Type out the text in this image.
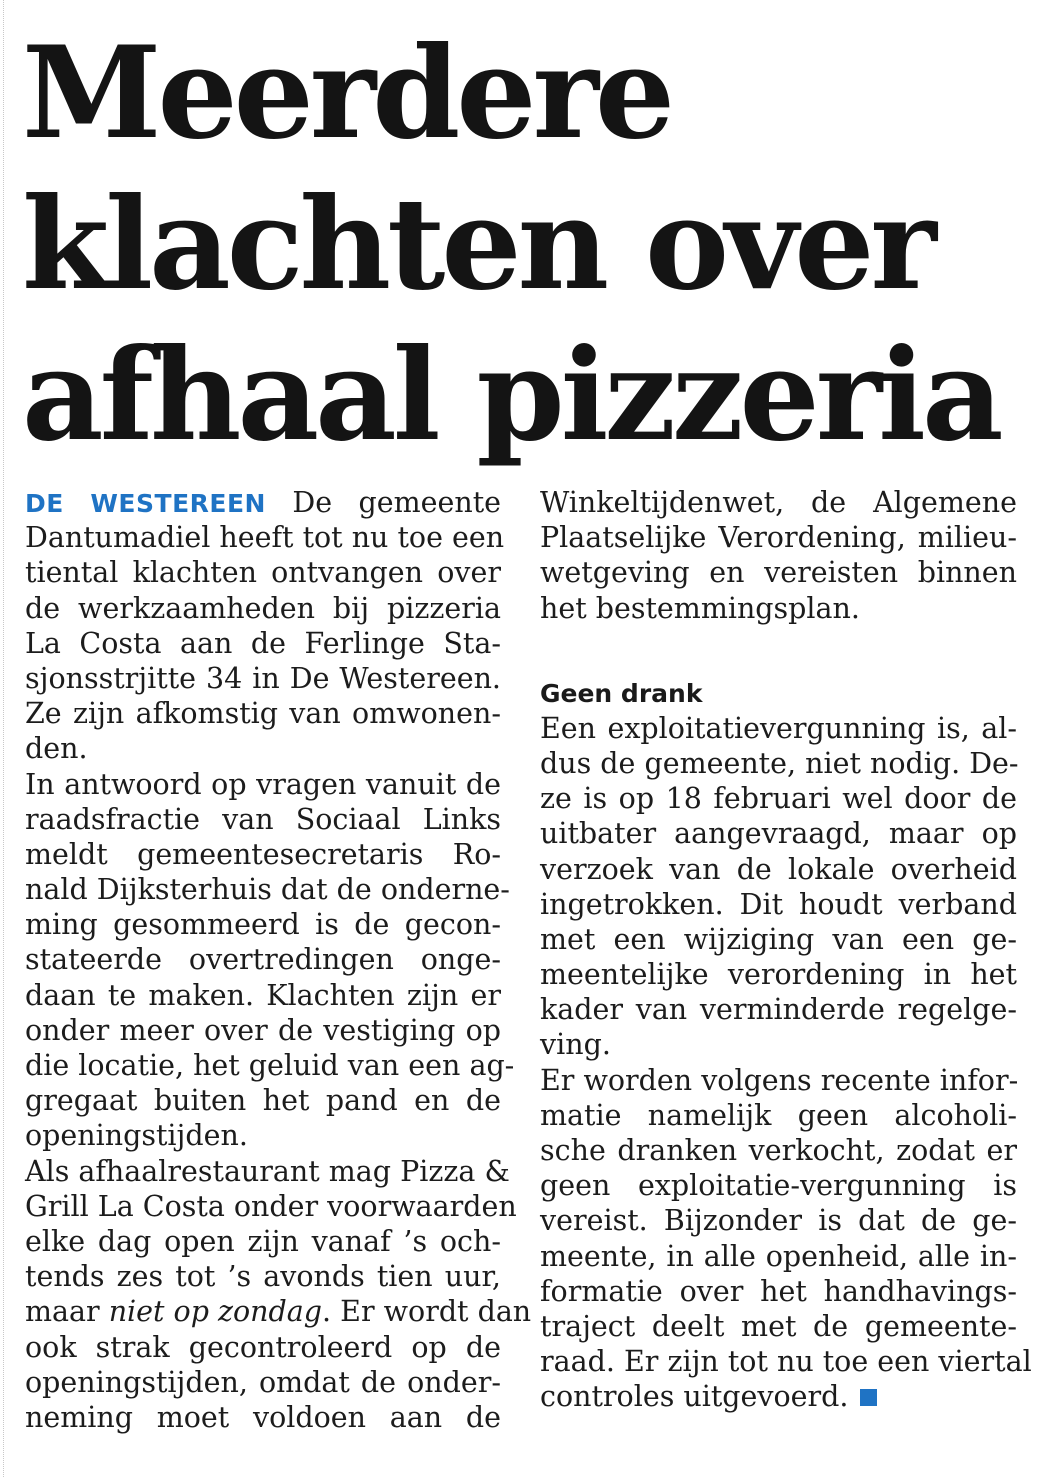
Meerdere
klachten over
afhaal pizzeria
DE WESTEREEN De gemeente
Dantumadiel heeft tot nu toe een
tiental klachten ontvangen over
de werkzaamheden bij pizzeria
La Costa aan de Ferlinge Sta-
sjonsstrjitte 34 in De Westereen.
Ze zijn afkomstig van omwonen-
den.
In antwoord op vragen vanuit de
raadsfractie van Sociaal Links
meldt gemeentesecretaris Ro-
nald Dijksterhuis dat de onderne-
ming gesommeerd is de gecon-
stateerde overtredingen onge-
daan te maken. Klachten zijn er
onder meer over de vestiging op
die locatie, het geluid van een ag-
gregaat buiten het pand en de
openingstijden.
Als afhaalrestaurant mag Pizza &
Grill La Costa onder voorwaarden
elke dag open zijn vanaf ’s och-
tends zes tot ’s avonds tien uur,
maar niet op zondag. Er wordt dan
ook strak gecontroleerd op de
openingstijden, omdat de onder-
neming moet voldoen aan de
Winkeltijdenwet, de Algemene
Plaatselijke Verordening, milieu-
wetgeving en vereisten binnen
het bestemmingsplan.
Geen drank
Een exploitatievergunning is, al-
dus de gemeente, niet nodig. De-
ze is op 18 februari wel door de
uitbater aangevraagd, maar op
verzoek van de lokale overheid
ingetrokken. Dit houdt verband
met een wijziging van een ge-
meentelijke verordening in het
kader van verminderde regelge-
ving.
Er worden volgens recente infor-
matie namelijk geen alcoholi-
sche dranken verkocht, zodat er
geen exploitatie-vergunning is
vereist. Bijzonder is dat de ge-
meente, in alle openheid, alle in-
formatie over het handhavings-
traject deelt met de gemeente-
raad. Er zijn tot nu toe een viertal
controles uitgevoerd.
